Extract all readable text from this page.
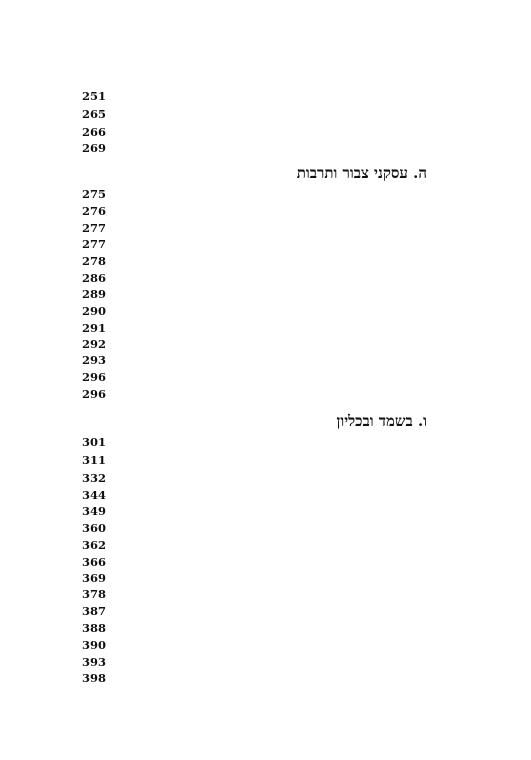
251
265
266
269
ה. עסקני צבור ותרבות
275
276
277
277
278
286
289
290
291
292
293
296
296
ו. בשמד ובכליון
301
311
332
344
349
360
362
366
369
378
387
388
390
393
398
